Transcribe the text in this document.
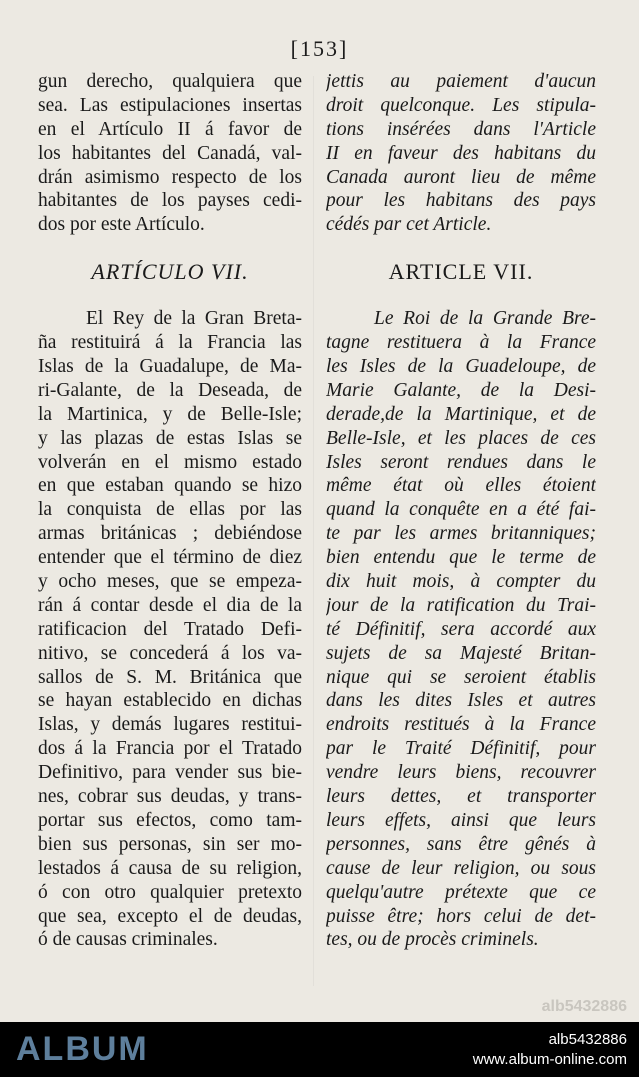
[153]
gun derecho, qualquiera que
sea. Las estipulaciones insertas
en el Artículo II á favor de
los habitantes del Canadá, val-
drán asimismo respecto de los
habitantes de los payses cedi-
dos por este Artículo.
ARTÍCULO VII.
El Rey de la Gran Breta-
ña restituirá á la Francia las
Islas de la Guadalupe, de Ma-
ri-Galante, de la Deseada, de
la Martinica, y de Belle-Isle;
y las plazas de estas Islas se
volverán en el mismo estado
en que estaban quando se hizo
la conquista de ellas por las
armas británicas ; debiéndose
entender que el término de diez
y ocho meses, que se empeza-
rán á contar desde el dia de la
ratificacion del Tratado Defi-
nitivo, se concederá á los va-
sallos de S. M. Británica que
se hayan establecido en dichas
Islas, y demás lugares restitui-
dos á la Francia por el Tratado
Definitivo, para vender sus bie-
nes, cobrar sus deudas, y trans-
portar sus efectos, como tam-
bien sus personas, sin ser mo-
lestados á causa de su religion,
ó con otro qualquier pretexto
que sea, excepto el de deudas,
ó de causas criminales.
jettis au paiement d'aucun
droit quelconque. Les stipula-
tions insérées dans l'Article
II en faveur des habitans du
Canada auront lieu de même
pour les habitans des pays
cédés par cet Article.
ARTICLE VII.
Le Roi de la Grande Bre-
tagne restituera à la France
les Isles de la Guadeloupe, de
Marie Galante, de la Desi-
derade,de la Martinique, et de
Belle-Isle, et les places de ces
Isles seront rendues dans le
même état où elles étoient
quand la conquête en a été fai-
te par les armes britanniques;
bien entendu que le terme de
dix huit mois, à compter du
jour de la ratification du Trai-
té Définitif, sera accordé aux
sujets de sa Majesté Britan-
nique qui se seroient établis
dans les dites Isles et autres
endroits restitués à la France
par le Traité Définitif, pour
vendre leurs biens, recouvrer
leurs dettes, et transporter
leurs effets, ainsi que leurs
personnes, sans être gênés à
cause de leur religion, ou sous
quelqu'autre prétexte que ce
puisse être; hors celui de det-
tes, ou de procès criminels.
alb5432886
ALBUM	alb5432886
www.album-online.com
